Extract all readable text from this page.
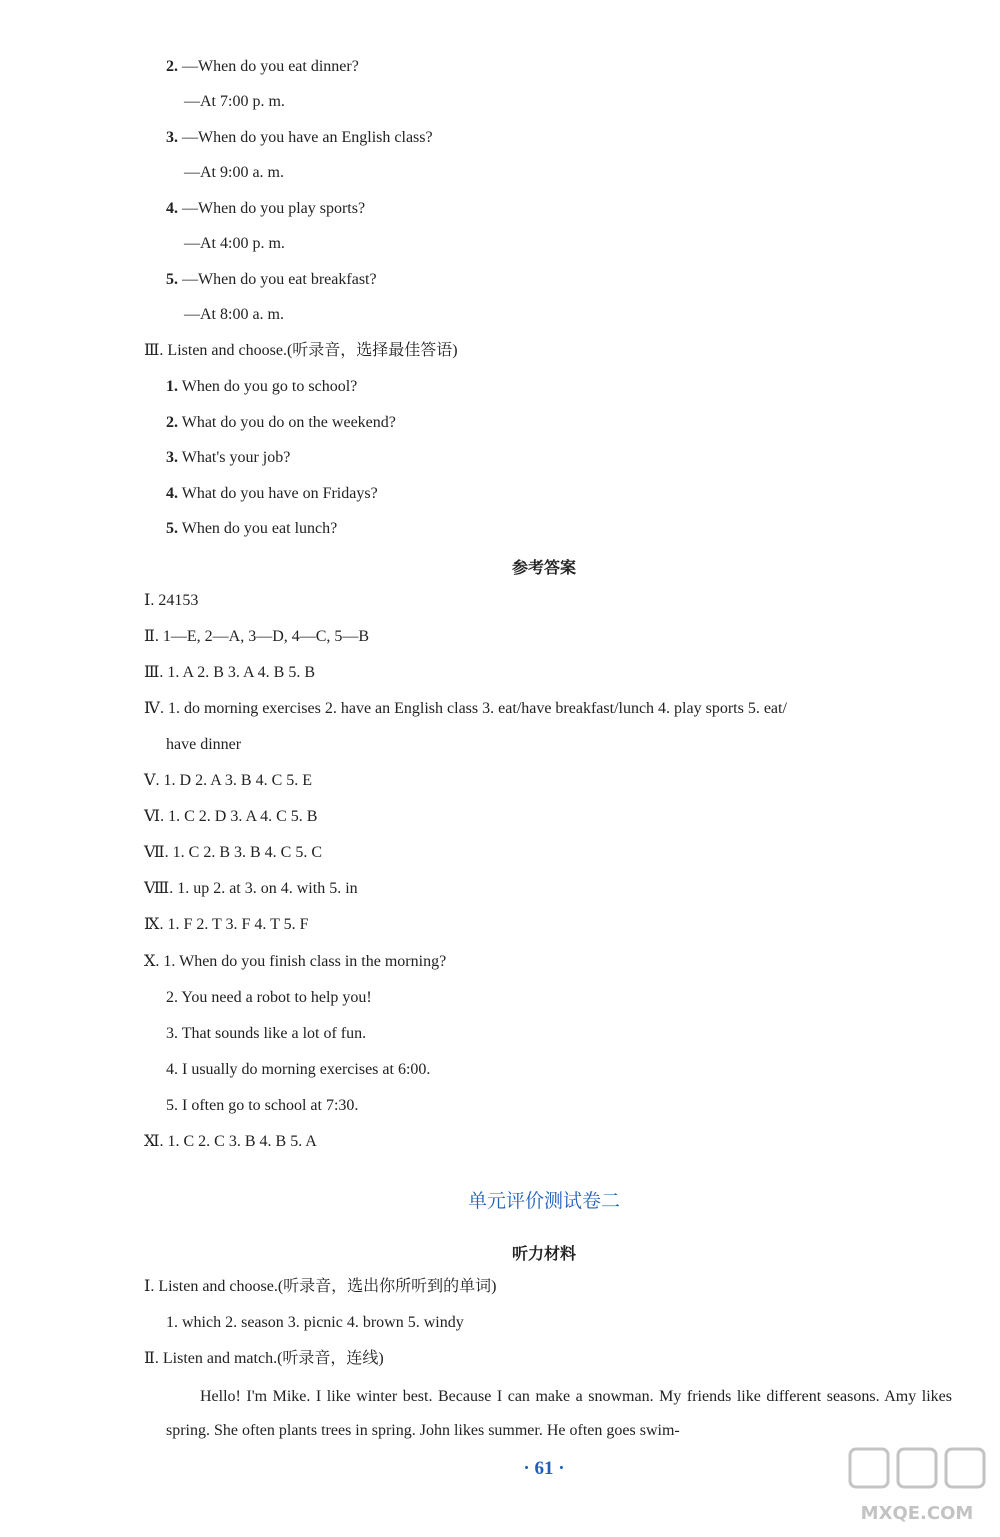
2. —When do you eat dinner?
—At 7:00 p. m.
3. —When do you have an English class?
—At 9:00 a. m.
4. —When do you play sports?
—At 4:00 p. m.
5. —When do you eat breakfast?
—At 8:00 a. m.
Ⅲ. Listen and choose.(听录音，选择最佳答语)
1. When do you go to school?
2. What do you do on the weekend?
3. What's your job?
4. What do you have on Fridays?
5. When do you eat lunch?
参考答案
Ⅰ. 24153
Ⅱ. 1—E, 2—A, 3—D, 4—C, 5—B
Ⅲ. 1. A 2. B 3. A 4. B 5. B
Ⅳ. 1. do morning exercises 2. have an English class 3. eat/have breakfast/lunch 4. play sports 5. eat/
have dinner
Ⅴ. 1. D 2. A 3. B 4. C 5. E
Ⅵ. 1. C 2. D 3. A 4. C 5. B
Ⅶ. 1. C 2. B 3. B 4. C 5. C
Ⅷ. 1. up 2. at 3. on 4. with 5. in
Ⅸ. 1. F 2. T 3. F 4. T 5. F
Ⅹ. 1. When do you finish class in the morning?
2. You need a robot to help you!
3. That sounds like a lot of fun.
4. I usually do morning exercises at 6:00.
5. I often go to school at 7:30.
Ⅺ. 1. C 2. C 3. B 4. B 5. A
单元评价测试卷二
听力材料
Ⅰ. Listen and choose.(听录音，选出你所听到的单词)
1. which 2. season 3. picnic 4. brown 5. windy
Ⅱ. Listen and match.(听录音，连线)
Hello! I'm Mike. I like winter best. Because I can make a snowman. My friends like different seasons. Amy likes spring. She often plants trees in spring. John likes summer. He often goes swim-
· 61 ·
MXQE.COM
